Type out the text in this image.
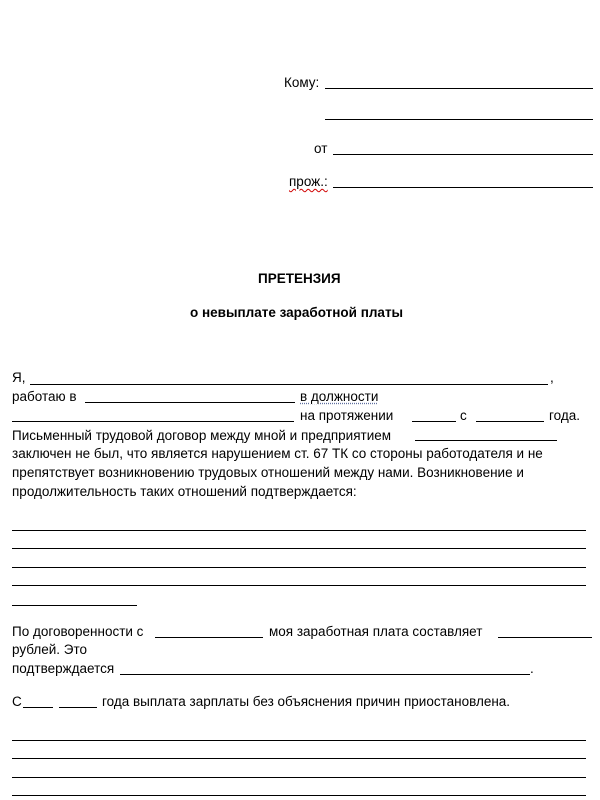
Кому:
от
прож.:
ПРЕТЕНЗИЯ
о невыплате заработной платы
Я,	,
работаю в	в должности
на протяжении	с	года.
Письменный трудовой договор между мной и предприятием
заключен не был, что является нарушением ст. 67 ТК со стороны работодателя и не
препятствует возникновению трудовых отношений между нами. Возникновение и
продолжительность таких отношений подтверждается:
По договоренности с	моя заработная плата составляет
рублей. Это
подтверждается	.
С	года выплата зарплаты без объяснения причин приостановлена.
